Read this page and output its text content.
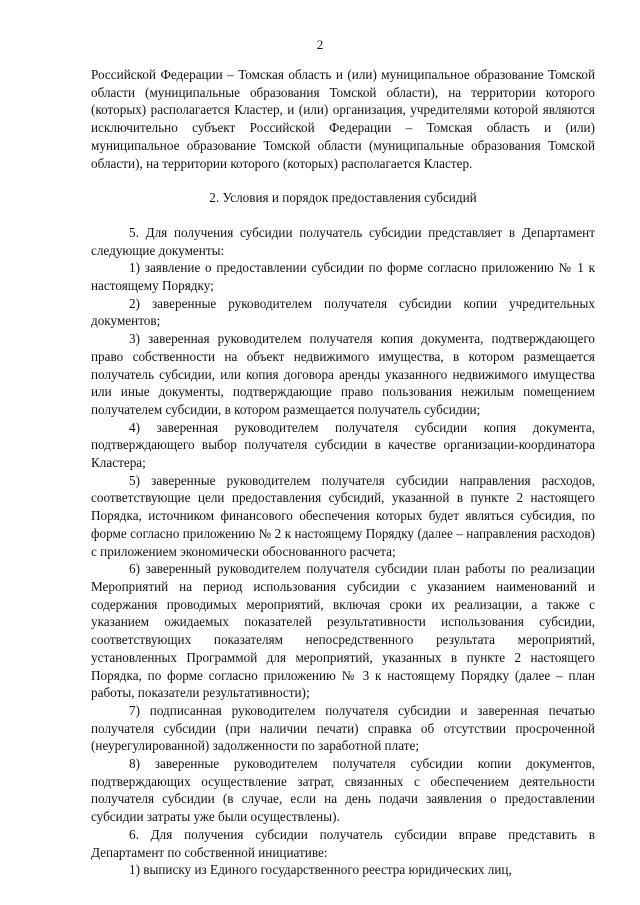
2

Российской Федерации – Томская область и (или) муниципальное образование Томской области (муниципальные образования Томской области), на территории которого (которых) располагается Кластер, и (или) организация, учредителями которой являются исключительно субъект Российской Федерации – Томская область и (или) муниципальное образование Томской области (муниципальные образования Томской области), на территории которого (которых) располагается Кластер.

2. Условия и порядок предоставления субсидий

5. Для получения субсидии получатель субсидии представляет в Департамент следующие документы:

1) заявление о предоставлении субсидии по форме согласно приложению № 1 к настоящему Порядку;

2) заверенные руководителем получателя субсидии копии учредительных документов;

3) заверенная руководителем получателя копия документа, подтверждающего право собственности на объект недвижимого имущества, в котором размещается получатель субсидии, или копия договора аренды указанного недвижимого имущества или иные документы, подтверждающие право пользования нежилым помещением получателем субсидии, в котором размещается получатель субсидии;

4) заверенная руководителем получателя субсидии копия документа, подтверждающего выбор получателя субсидии в качестве организации-координатора Кластера;

5) заверенные руководителем получателя субсидии направления расходов, соответствующие цели предоставления субсидий, указанной в пункте 2 настоящего Порядка, источником финансового обеспечения которых будет являться субсидия, по форме согласно приложению № 2 к настоящему Порядку (далее – направления расходов) с приложением экономически обоснованного расчета;

6) заверенный руководителем получателя субсидии план работы по реализации Мероприятий на период использования субсидии с указанием наименований и содержания проводимых мероприятий, включая сроки их реализации, а также с указанием ожидаемых показателей результативности использования субсидии, соответствующих показателям непосредственного результата мероприятий, установленных Программой для мероприятий, указанных в пункте 2 настоящего Порядка, по форме согласно приложению № 3 к настоящему Порядку (далее – план работы, показатели результативности);

7) подписанная руководителем получателя субсидии и заверенная печатью получателя субсидии (при наличии печати) справка об отсутствии просроченной (неурегулированной) задолженности по заработной плате;

8) заверенные руководителем получателя субсидии копии документов, подтверждающих осуществление затрат, связанных с обеспечением деятельности получателя субсидии (в случае, если на день подачи заявления о предоставлении субсидии затраты уже были осуществлены).

6. Для получения субсидии получатель субсидии вправе представить в Департамент по собственной инициативе:

1) выписку из Единого государственного реестра юридических лиц,
